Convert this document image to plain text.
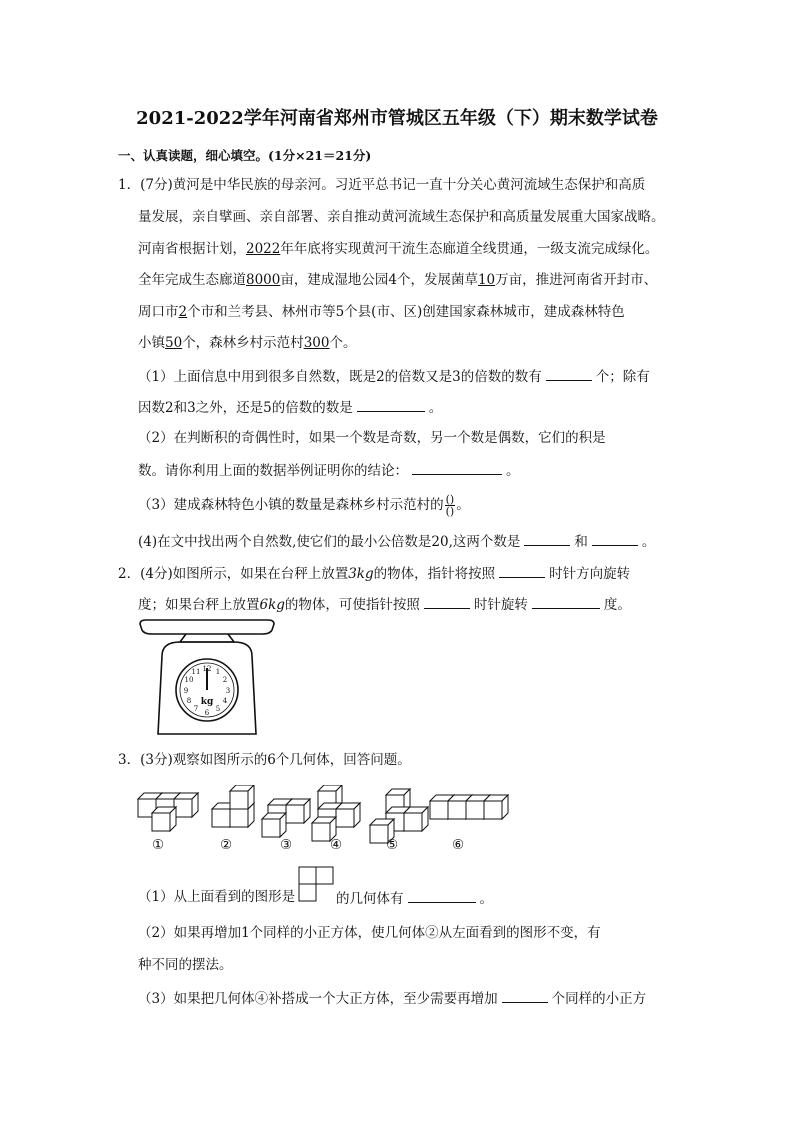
2021-2022学年河南省郑州市管城区五年级（下）期末数学试卷
一、认真读题，细心填空。(1分×21＝21分)
1．(7分)黄河是中华民族的母亲河。习近平总书记一直十分关心黄河流域生态保护和高质
量发展，亲自擘画、亲自部署、亲自推动黄河流域生态保护和高质量发展重大国家战略。
河南省根据计划，2022年年底将实现黄河干流生态廊道全线贯通，一级支流完成绿化。
全年完成生态廊道8000亩，建成湿地公园4个，发展菌草10万亩，推进河南省开封市、
周口市2个市和兰考县、林州市等5个县(市、区)创建国家森林城市，建成森林特色
小镇50个，森林乡村示范村300个。
（1）上面信息中用到很多自然数，既是2的倍数又是3的倍数的数有	个；除有
因数2和3之外，还是5的倍数的数是	。
（2）在判断积的奇偶性时，如果一个数是奇数，另一个数是偶数，它们的积是
数。请你利用上面的数据举例证明你的结论：	。
（3）建成森林特色小镇的数量是森林乡村示范村的 $\frac{()}{()}$ 。
(4)在文中找出两个自然数,使它们的最小公倍数是20,这两个数是	和	。
2．(4分)如图所示，如果在台秤上放置3kg的物体，指针将按照	时针方向旋转
度；如果台秤上放置6kg的物体，可使指针按照	时针旋转	度。
12 1
2
3
4
5
6
7
8
9
10
11
kg
3．(3分)观察如图所示的6个几何体，回答问题。
①	②	③	④	⑤	⑥
（1）从上面看到的图形是	的几何体有	。
（2）如果再增加1个同样的小正方体，使几何体②从左面看到的图形不变，有
种不同的摆法。
（3）如果把几何体④补搭成一个大正方体，至少需要再增加	个同样的小正方
